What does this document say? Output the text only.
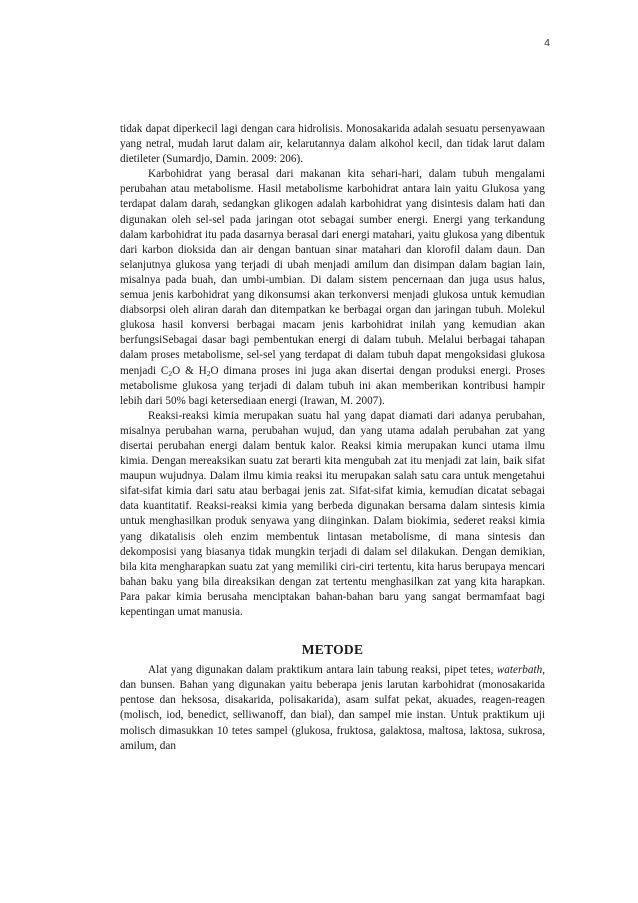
4

tidak dapat diperkecil lagi dengan cara hidrolisis. Monosakarida adalah sesuatu persenyawaan yang netral, mudah larut dalam air, kelarutannya dalam alkohol kecil, dan tidak larut dalam dietileter (Sumardjo, Damin. 2009: 206).

Karbohidrat yang berasal dari makanan kita sehari-hari, dalam tubuh mengalami perubahan atau metabolisme. Hasil metabolisme karbohidrat antara lain yaitu Glukosa yang terdapat dalam darah, sedangkan glikogen adalah karbohidrat yang disintesis dalam hati dan digunakan oleh sel-sel pada jaringan otot sebagai sumber energi. Energi yang terkandung dalam karbohidrat itu pada dasarnya berasal dari energi matahari, yaitu glukosa yang dibentuk dari karbon dioksida dan air dengan bantuan sinar matahari dan klorofil dalam daun. Dan selanjutnya glukosa yang terjadi di ubah menjadi amilum dan disimpan dalam bagian lain, misalnya pada buah, dan umbi-umbian. Di dalam sistem pencernaan dan juga usus halus, semua jenis karbohidrat yang dikonsumsi akan terkonversi menjadi glukosa untuk kemudian diabsorpsi oleh aliran darah dan ditempatkan ke berbagai organ dan jaringan tubuh. Molekul glukosa hasil konversi berbagai macam jenis karbohidrat inilah yang kemudian akan berfungsiSebagai dasar bagi pembentukan energi di dalam tubuh. Melalui berbagai tahapan dalam proses metabolisme, sel-sel yang terdapat di dalam tubuh dapat mengoksidasi glukosa menjadi $C_2O$ & $H_2O$ dimana proses ini juga akan disertai dengan produksi energi. Proses metabolisme glukosa yang terjadi di dalam tubuh ini akan memberikan kontribusi hampir lebih dari 50% bagi ketersediaan energi (Irawan, M. 2007).

Reaksi-reaksi kimia merupakan suatu hal yang dapat diamati dari adanya perubahan, misalnya perubahan warna, perubahan wujud, dan yang utama adalah perubahan zat yang disertai perubahan energi dalam bentuk kalor. Reaksi kimia merupakan kunci utama ilmu kimia. Dengan mereaksikan suatu zat berarti kita mengubah zat itu menjadi zat lain, baik sifat maupun wujudnya. Dalam ilmu kimia reaksi itu merupakan salah satu cara untuk mengetahui sifat-sifat kimia dari satu atau berbagai jenis zat. Sifat-sifat kimia, kemudian dicatat sebagai data kuantitatif. Reaksi-reaksi kimia yang berbeda digunakan bersama dalam sintesis kimia untuk menghasilkan produk senyawa yang diinginkan. Dalam biokimia, sederet reaksi kimia yang dikatalisis oleh enzim membentuk lintasan metabolisme, di mana sintesis dan dekomposisi yang biasanya tidak mungkin terjadi di dalam sel dilakukan. Dengan demikian, bila kita mengharapkan suatu zat yang memiliki ciri-ciri tertentu, kita harus berupaya mencari bahan baku yang bila direaksikan dengan zat tertentu menghasilkan zat yang kita harapkan. Para pakar kimia berusaha menciptakan bahan-bahan baru yang sangat bermamfaat bagi kepentingan umat manusia.

METODE

Alat yang digunakan dalam praktikum antara lain tabung reaksi, pipet tetes, waterbath, dan bunsen. Bahan yang digunakan yaitu beberapa jenis larutan karbohidrat (monosakarida pentose dan heksosa, disakarida, polisakarida), asam sulfat pekat, akuades, reagen-reagen (molisch, iod, benedict, selliwanoff, dan bial), dan sampel mie instan. Untuk praktikum uji molisch dimasukkan 10 tetes sampel (glukosa, fruktosa, galaktosa, maltosa, laktosa, sukrosa, amilum, dan
